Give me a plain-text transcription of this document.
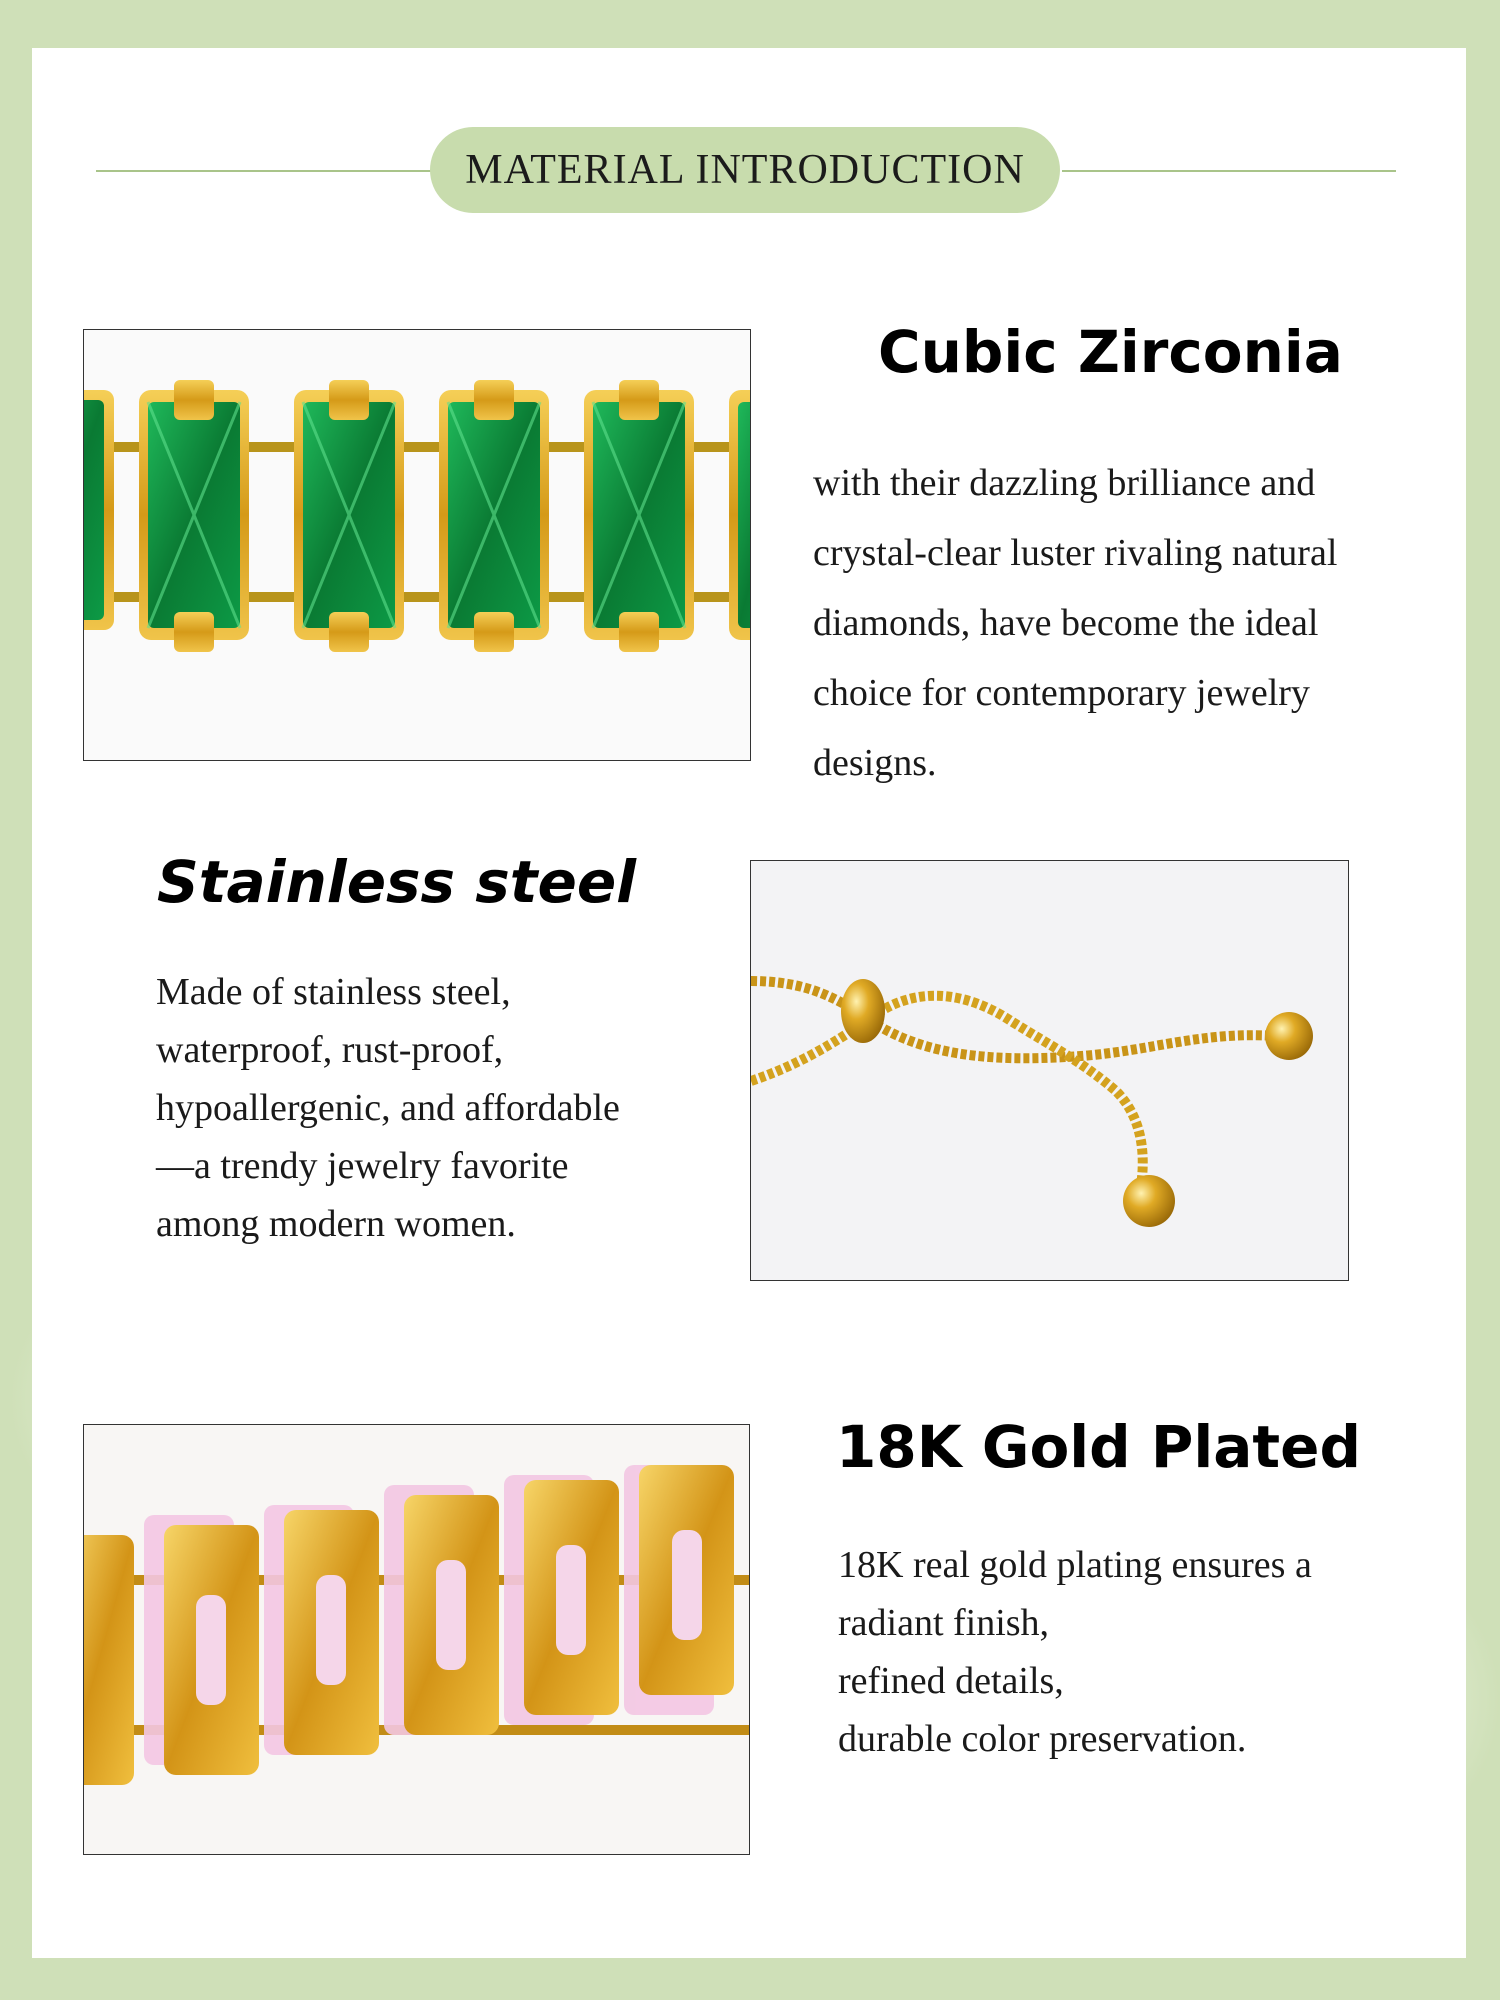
MATERIAL INTRODUCTION
Cubic Zirconia

with their dazzling brilliance and crystal-clear luster rivaling natural diamonds, have become the ideal choice for contemporary jewelry designs.

Stainless steel

Made of stainless steel,

waterproof, rust-proof,

hypoallergenic, and affordable

—a trendy jewelry favorite

among modern women.

18K Gold Plated

18K real gold plating ensures a

radiant finish,

refined details,

durable color preservation.
